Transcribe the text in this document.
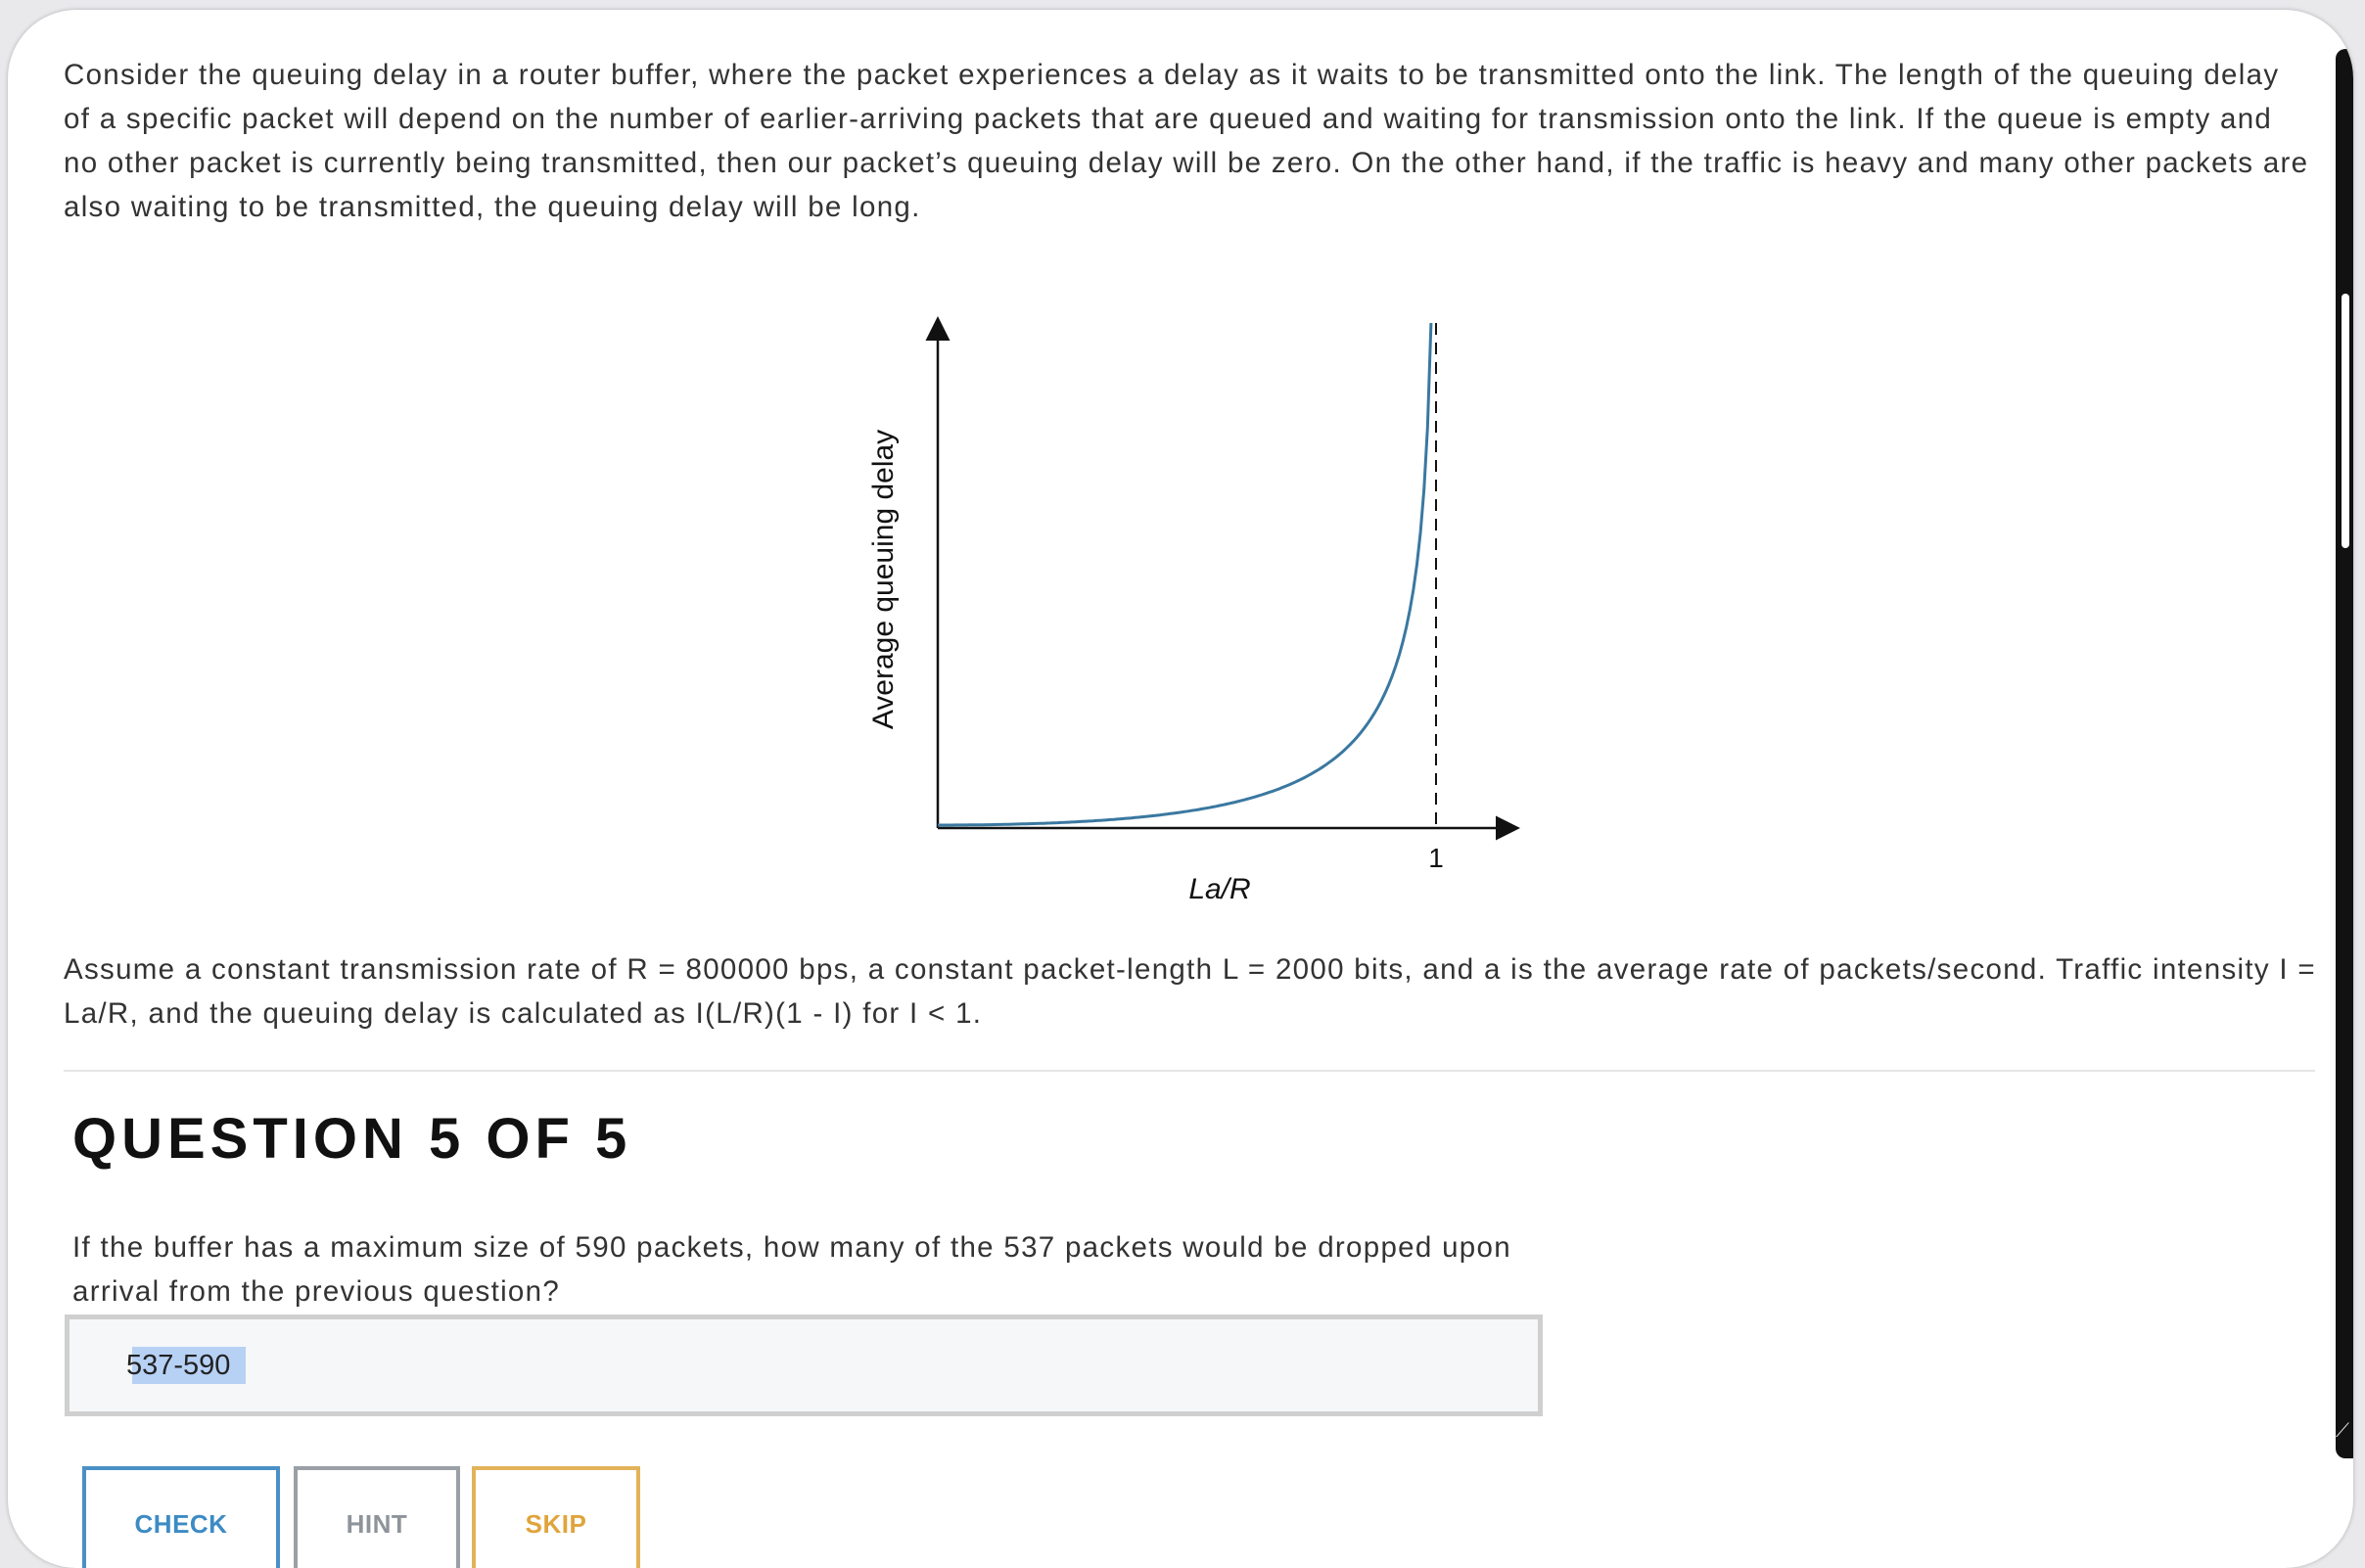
Consider the queuing delay in a router buffer, where the packet experiences a delay as it waits to be transmitted onto the link. The length of the queuing delay of a specific packet will depend on the number of earlier-arriving packets that are queued and waiting for transmission onto the link. If the queue is empty and no other packet is currently being transmitted, then our packet’s queuing delay will be zero. On the other hand, if the traffic is heavy and many other packets are also waiting to be transmitted, the queuing delay will be long.

1
La/R
Average queuing delay

Assume a constant transmission rate of R = 800000 bps, a constant packet-length L = 2000 bits, and a is the average rate of packets/second. Traffic intensity I = La/R, and the queuing delay is calculated as I(L/R)(1 - I) for I < 1.

QUESTION 5 OF 5

If the buffer has a maximum size of 590 packets, how many of the 537 packets would be dropped upon arrival from the previous question?

537-590
CHECK	HINT	SKIP
⟋
